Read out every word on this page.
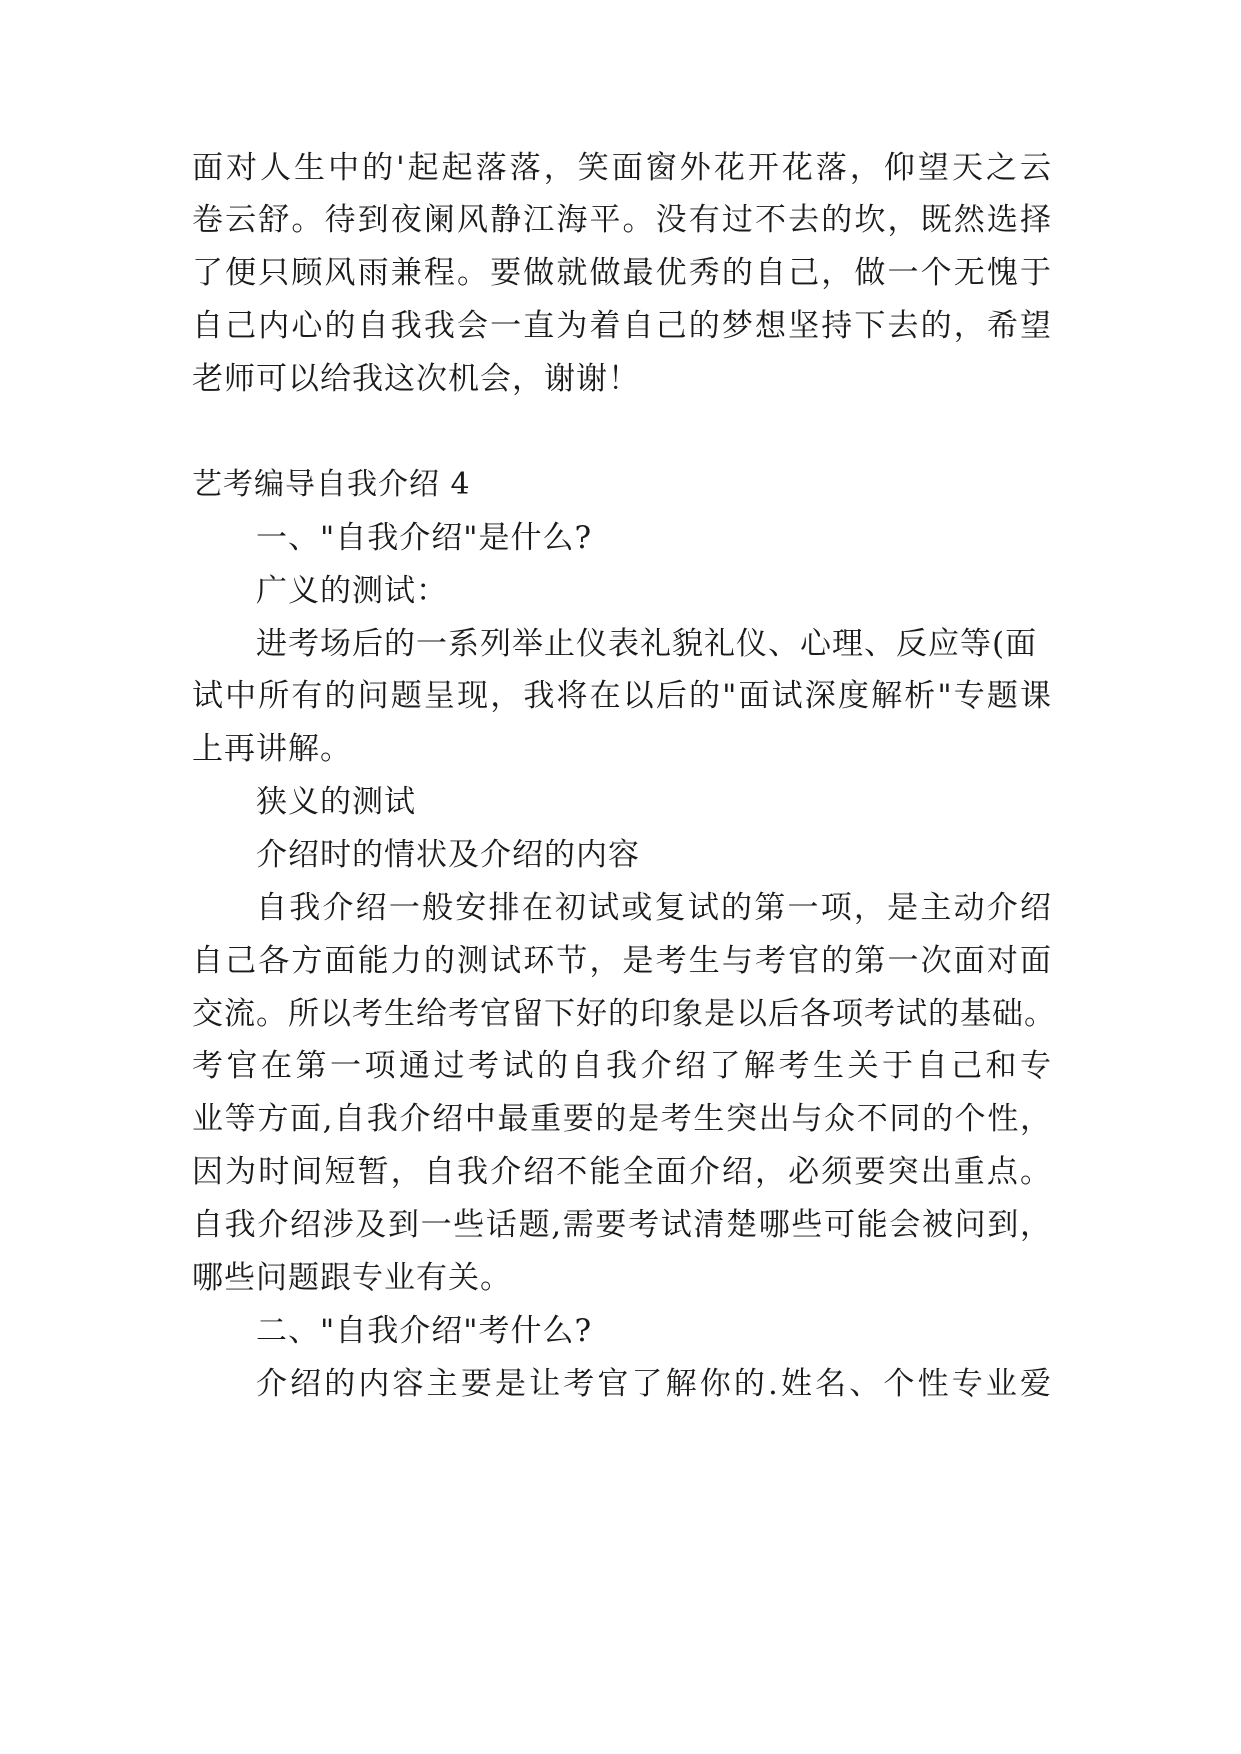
面对人生中的'起起落落，笑面窗外花开花落，仰望天之云
卷云舒。待到夜阑风静江海平。没有过不去的坎，既然选择
了便只顾风雨兼程。要做就做最优秀的自己，做一个无愧于
自己内心的自我我会一直为着自己的梦想坚持下去的，希望
老师可以给我这次机会，谢谢！
艺考编导自我介绍 4
一、"自我介绍"是什么?
广义的测试：
进考场后的一系列举止仪表礼貌礼仪、心理、反应等(面
试中所有的问题呈现，我将在以后的"面试深度解析"专题课
上再讲解。
狭义的测试
介绍时的情状及介绍的内容
自我介绍一般安排在初试或复试的第一项，是主动介绍
自己各方面能力的测试环节，是考生与考官的第一次面对面
交流。所以考生给考官留下好的印象是以后各项考试的基础。
考官在第一项通过考试的自我介绍了解考生关于自己和专
业等方面,自我介绍中最重要的是考生突出与众不同的个性，
因为时间短暂，自我介绍不能全面介绍，必须要突出重点。
自我介绍涉及到一些话题,需要考试清楚哪些可能会被问到，
哪些问题跟专业有关。
二、"自我介绍"考什么?
介绍的内容主要是让考官了解你的.姓名、个性专业爱
